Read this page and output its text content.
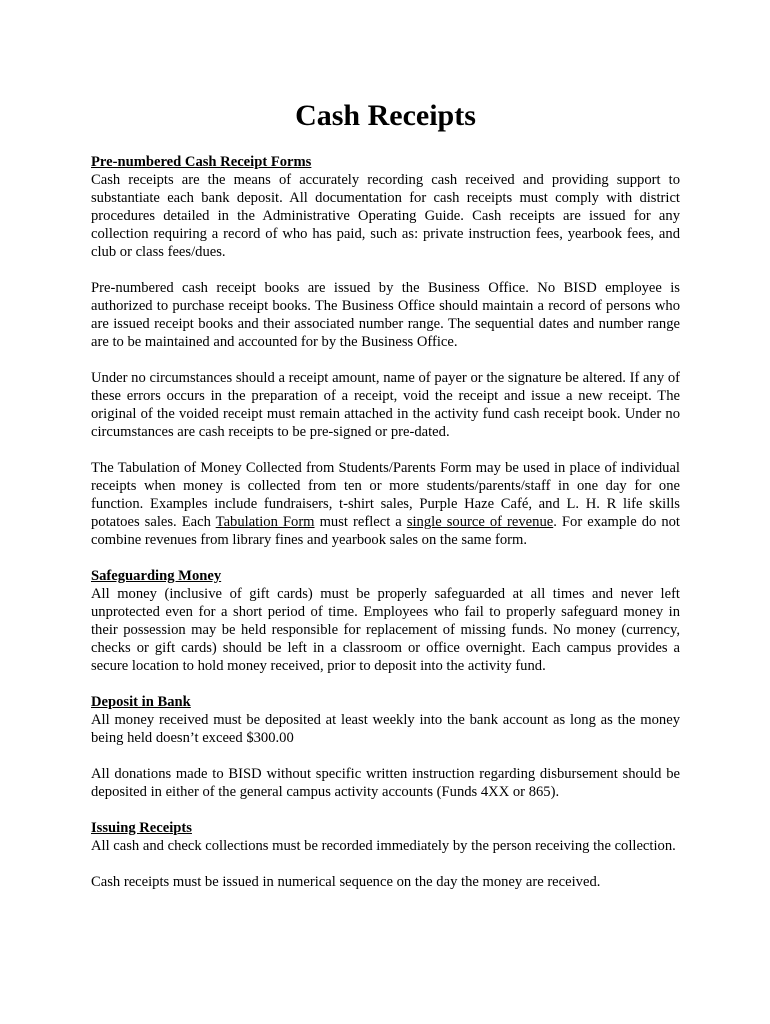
Cash Receipts
Pre-numbered Cash Receipt Forms

Cash receipts are the means of accurately recording cash received and providing support to substantiate each bank deposit. All documentation for cash receipts must comply with district procedures detailed in the Administrative Operating Guide. Cash receipts are issued for any collection requiring a record of who has paid, such as: private instruction fees, yearbook fees, and club or class fees/dues.

Pre-numbered cash receipt books are issued by the Business Office. No BISD employee is authorized to purchase receipt books. The Business Office should maintain a record of persons who are issued receipt books and their associated number range. The sequential dates and number range are to be maintained and accounted for by the Business Office.

Under no circumstances should a receipt amount, name of payer or the signature be altered. If any of these errors occurs in the preparation of a receipt, void the receipt and issue a new receipt. The original of the voided receipt must remain attached in the activity fund cash receipt book. Under no circumstances are cash receipts to be pre-signed or pre-dated.

The Tabulation of Money Collected from Students/Parents Form may be used in place of individual receipts when money is collected from ten or more students/parents/staff in one day for one function. Examples include fundraisers, t-shirt sales, Purple Haze Café, and L. H. R life skills potatoes sales. Each Tabulation Form must reflect a single source of revenue. For example do not combine revenues from library fines and yearbook sales on the same form.

Safeguarding Money

All money (inclusive of gift cards) must be properly safeguarded at all times and never left unprotected even for a short period of time. Employees who fail to properly safeguard money in their possession may be held responsible for replacement of missing funds. No money (currency, checks or gift cards) should be left in a classroom or office overnight. Each campus provides a secure location to hold money received, prior to deposit into the activity fund.

Deposit in Bank

All money received must be deposited at least weekly into the bank account as long as the money being held doesn’t exceed $300.00

All donations made to BISD without specific written instruction regarding disbursement should be deposited in either of the general campus activity accounts (Funds 4XX or 865).

Issuing Receipts

All cash and check collections must be recorded immediately by the person receiving the collection.

Cash receipts must be issued in numerical sequence on the day the money are received.
